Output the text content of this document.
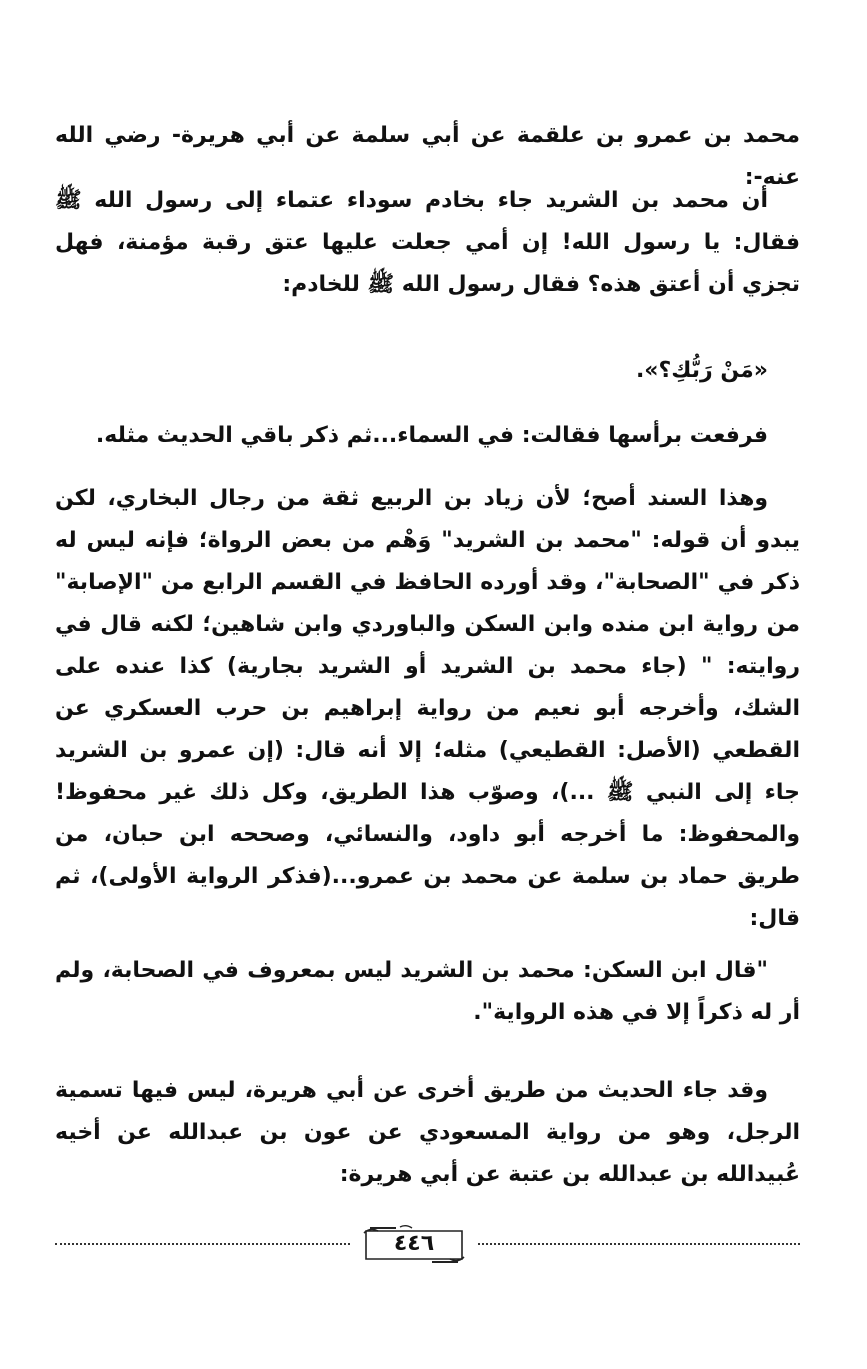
محمد بن عمرو بن علقمة عن أبي سلمة عن أبي هريرة- رضي الله عنه-:

أن محمد بن الشريد جاء بخادم سوداء عتماء إلى رسول الله ﷺ فقال: يا رسول الله! إن أمي جعلت عليها عتق رقبة مؤمنة، فهل تجزي أن أعتق هذه؟ فقال رسول الله ﷺ للخادم:

«مَنْ رَبُّكِ؟».

فرفعت برأسها فقالت: في السماء...ثم ذكر باقي الحديث مثله.

وهذا السند أصح؛ لأن زياد بن الربيع ثقة من رجال البخاري، لكن يبدو أن قوله: "محمد بن الشريد" وَهْم من بعض الرواة؛ فإنه ليس له ذكر في "الصحابة"، وقد أورده الحافظ في القسم الرابع من "الإصابة" من رواية ابن منده وابن السكن والباوردي وابن شاهين؛ لكنه قال في روايته: " (جاء محمد بن الشريد أو الشريد بجارية) كذا عنده على الشك، وأخرجه أبو نعيم من رواية إبراهيم بن حرب العسكري عن القطعي (الأصل: القطيعي) مثله؛ إلا أنه قال: (إن عمرو بن الشريد جاء إلى النبي ﷺ ...)، وصوّب هذا الطريق، وكل ذلك غير محفوظ! والمحفوظ: ما أخرجه أبو داود، والنسائي، وصححه ابن حبان، من طريق حماد بن سلمة عن محمد بن عمرو...(فذكر الرواية الأولى)، ثم قال:

"قال ابن السكن: محمد بن الشريد ليس بمعروف في الصحابة، ولم أر له ذكراً إلا في هذه الرواية".

وقد جاء الحديث من طريق أخرى عن أبي هريرة، ليس فيها تسمية الرجل، وهو من رواية المسعودي عن عون بن عبدالله عن أخيه عُبيدالله بن عبدالله بن عتبة عن أبي هريرة:

٤٤٦
